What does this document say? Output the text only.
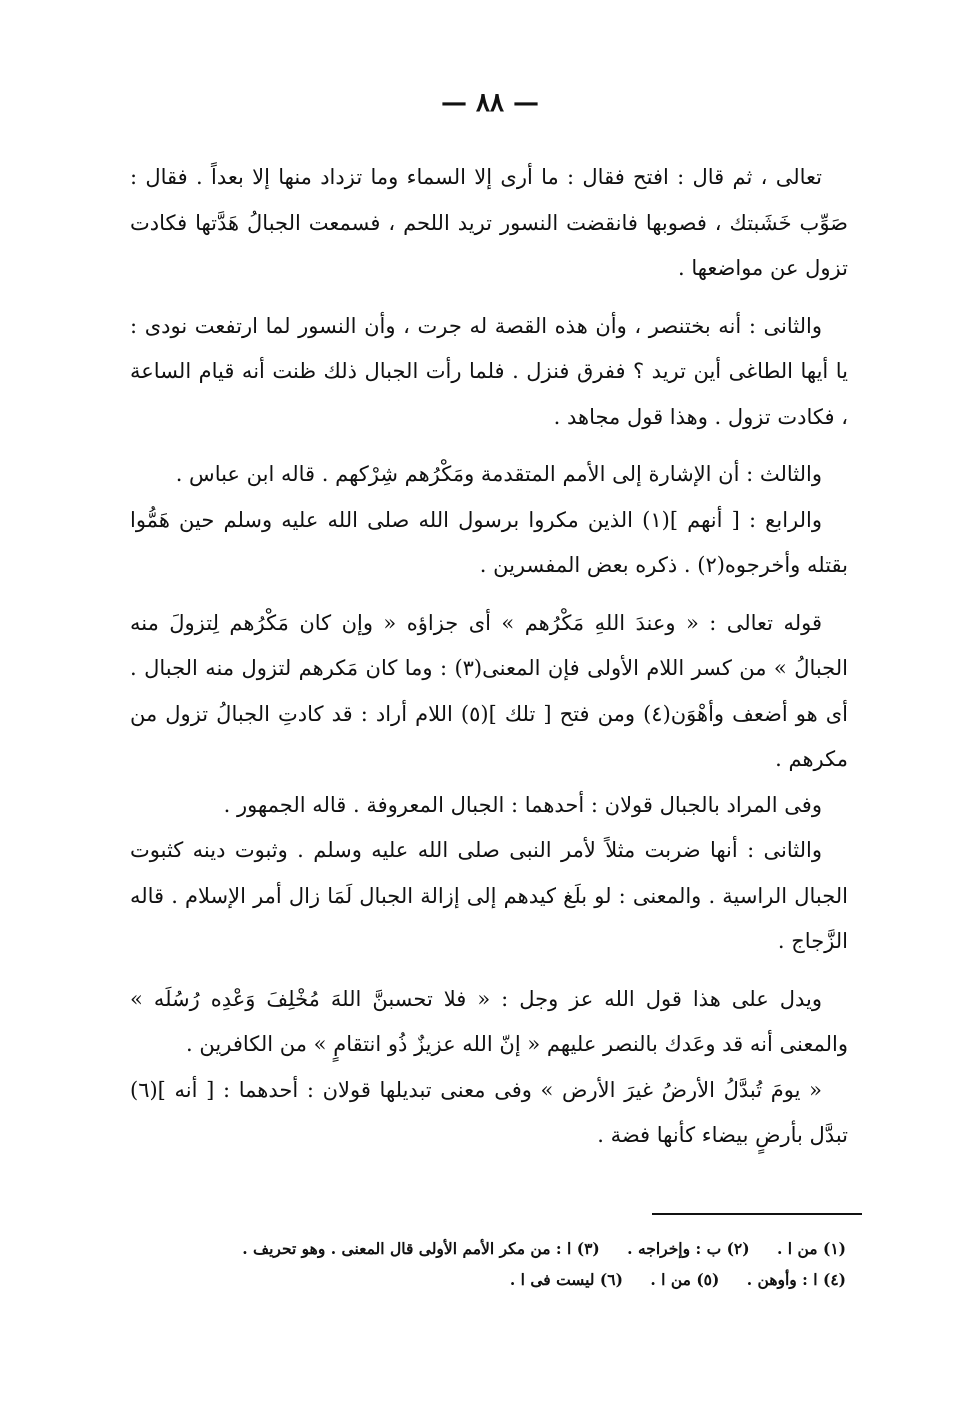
— ٨٨ —

تعالى ، ثم قال : افتح فقال : ما أرى إلا السماء وما تزداد منها إلا بعداً . فقال : صَوِّب خَشَبتك ، فصوبها فانقضت النسور تريد اللحم ، فسمعت الجبالُ هَدَّتها فكادت تزول عن مواضعها .

والثانى : أنه بختنصر ، وأن هذه القصة له جرت ، وأن النسور لما ارتفعت نودى : يا أيها الطاغى أين تريد ؟ ففرق فنزل . فلما رأت الجبال ذلك ظنت أنه قيام الساعة ، فكادت تزول . وهذا قول مجاهد .

والثالث : أن الإشارة إلى الأمم المتقدمة ومَكْرُهم شِرْكهم . قاله ابن عباس .

والرابع : [ أنهم ](١) الذين مكروا برسول الله صلى الله عليه وسلم حين هَمُّوا بقتله وأخرجوه(٢) . ذكره بعض المفسرين .

قوله تعالى : « وعندَ اللهِ مَكْرُهم » أى جزاؤه « وإن كان مَكْرُهم لِتزولَ منه الجبالُ » من كسر اللام الأولى فإن المعنى(٣) : وما كان مَكرهم لتزول منه الجبال . أى هو أضعف وأهْوَن(٤) ومن فتح [ تلك ](٥) اللام أراد : قد كادتِ الجبالُ تزول من مكرهم .

وفى المراد بالجبال قولان : أحدهما : الجبال المعروفة . قاله الجمهور .

والثانى : أنها ضربت مثلاً لأمر النبى صلى الله عليه وسلم . وثبوت دينه كثبوت الجبال الراسية . والمعنى : لو بلَغ كيدهم إلى إزالة الجبال لَمَا زال أمر الإسلام . قاله الزَّجاج .

ويدل على هذا قول الله عز وجل : « فلا تحسبنَّ اللهَ مُخْلِفَ وَعْدِه رُسُلَه » والمعنى أنه قد وعَدك بالنصر عليهم « إنّ الله عزيزٌ ذُو انتقامٍ » من الكافرين .

« يومَ تُبدَّلُ الأرضُ غيرَ الأرض » وفى معنى تبديلها قولان : أحدهما : [ أنه ](٦) تبدَّل بأرضٍ بيضاء كأنها فضة .

(١) من ا . (٢) ب : وإخراجه . (٣) ا : من مكر الأمم الأولى قال المعنى . وهو تحريف .
(٤) ا : وأوهن . (٥) من ا . (٦) ليست فى ا .
